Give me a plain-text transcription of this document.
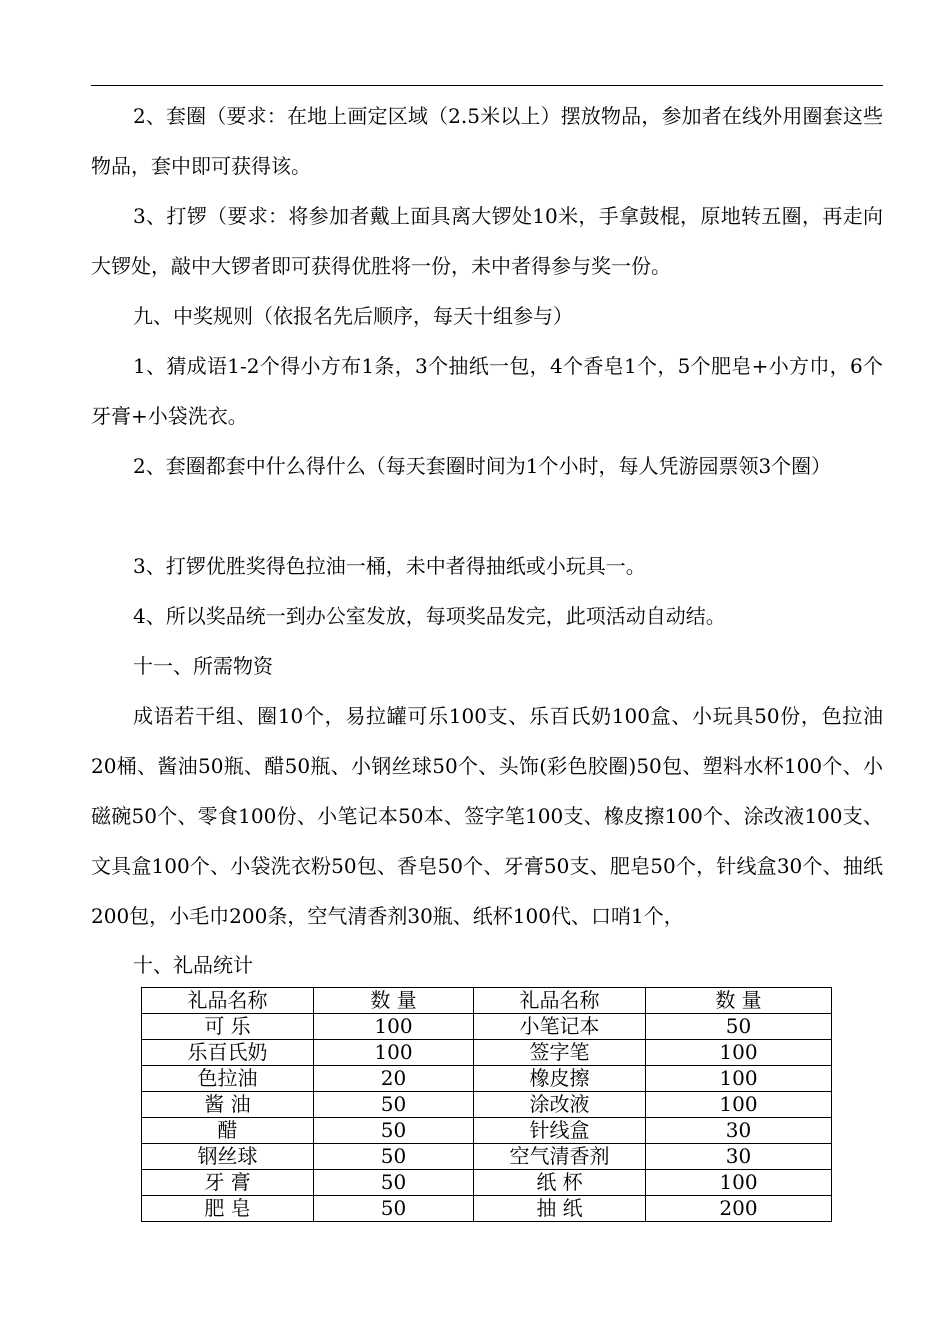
2、套圈（要求：在地上画定区域（2.5米以上）摆放物品，参加者在线外用圈套这些物品，套中即可获得该。

3、打锣（要求：将参加者戴上面具离大锣处10米，手拿鼓棍，原地转五圈，再走向大锣处，敲中大锣者即可获得优胜将一份，未中者得参与奖一份。

九、中奖规则（依报名先后顺序，每天十组参与）

1、猜成语1-2个得小方布1条，3个抽纸一包，4个香皂1个，5个肥皂+小方巾，6个牙膏+小袋洗衣。

2、套圈都套中什么得什么（每天套圈时间为1个小时，每人凭游园票领3个圈）

3、打锣优胜奖得色拉油一桶，未中者得抽纸或小玩具一。

4、所以奖品统一到办公室发放，每项奖品发完，此项活动自动结。

十一、所需物资

成语若干组、圈10个，易拉罐可乐100支、乐百氏奶100盒、小玩具50份，色拉油20桶、酱油50瓶、醋50瓶、小钢丝球50个、头饰(彩色胶圈)50包、塑料水杯100个、小磁碗50个、零食100份、小笔记本50本、签字笔100支、橡皮擦100个、涂改液100支、文具盒100个、小袋洗衣粉50包、香皂50个、牙膏50支、肥皂50个，针线盒30个、抽纸200包，小毛巾200条，空气清香剂30瓶、纸杯100代、口哨1个，

十、礼品统计

礼品名称	数 量	礼品名称	数 量
可 乐	100	小笔记本	50
乐百氏奶	100	签字笔	100
色拉油	20	橡皮擦	100
酱 油	50	涂改液	100
醋	50	针线盒	30
钢丝球	50	空气清香剂	30
牙 膏	50	纸 杯	100
肥 皂	50	抽 纸	200
